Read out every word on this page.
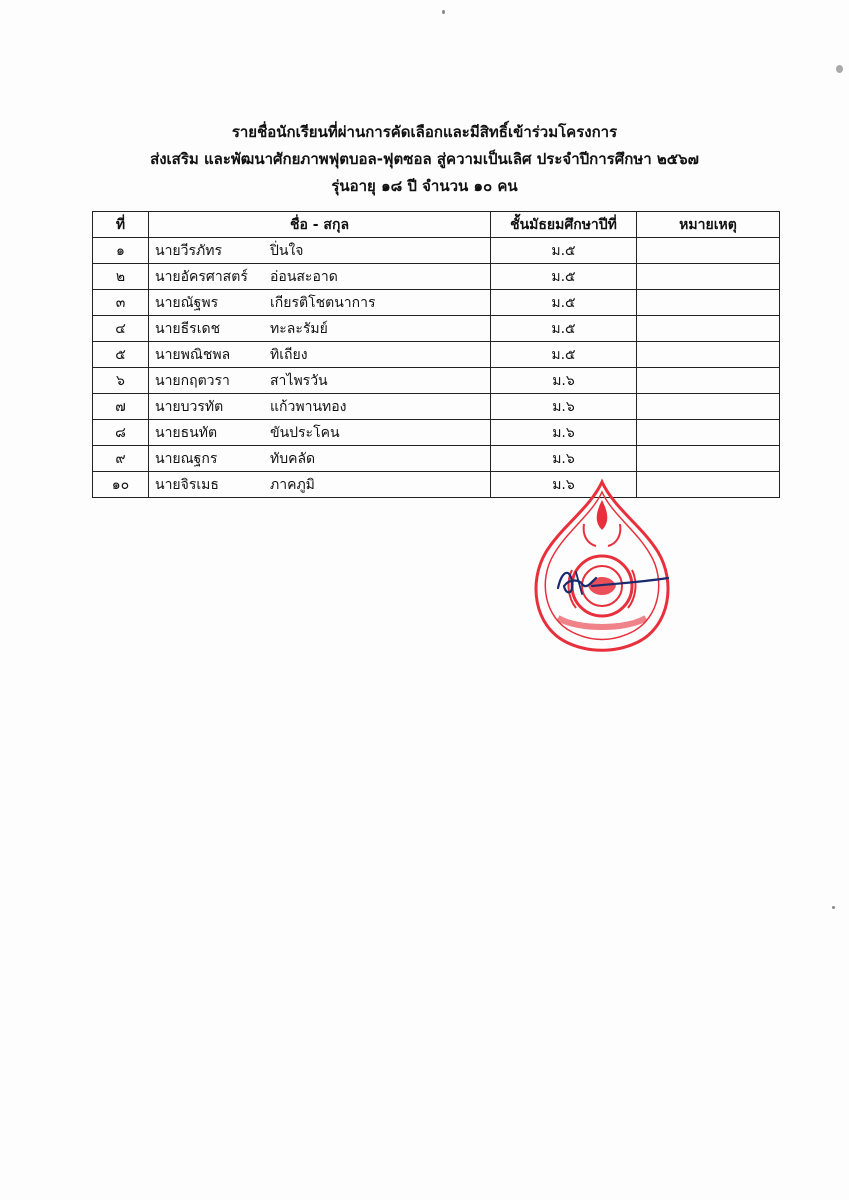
รายชื่อนักเรียนที่ผ่านการคัดเลือกและมีสิทธิ์เข้าร่วมโครงการ
ส่งเสริม และพัฒนาศักยภาพฟุตบอล-ฟุตซอล สู่ความเป็นเลิศ ประจำปีการศึกษา ๒๕๖๗
รุ่นอายุ ๑๘ ปี จำนวน ๑๐ คน
ที่	ชื่อ - สกุล	ชั้นมัธยมศึกษาปีที่	หมายเหตุ
๑	นายวีรภัทร ปิ่นใจ	ม.๕	
๒	นายอัครศาสตร์ อ่อนสะอาด	ม.๕	
๓	นายณัฐพร เกียรติโชตนาการ	ม.๕	
๔	นายธีรเดช ทะละรัมย์	ม.๕	
๕	นายพณิชพล ทิเถียง	ม.๕	
๖	นายกฤตวรา สาไพรวัน	ม.๖	
๗	นายบวรทัต แก้วพานทอง	ม.๖	
๘	นายธนทัต ขันประโคน	ม.๖	
๙	นายณฐกร ทับคลัด	ม.๖	
๑๐	นายจิรเมธ ภาคภูมิ	ม.๖	
